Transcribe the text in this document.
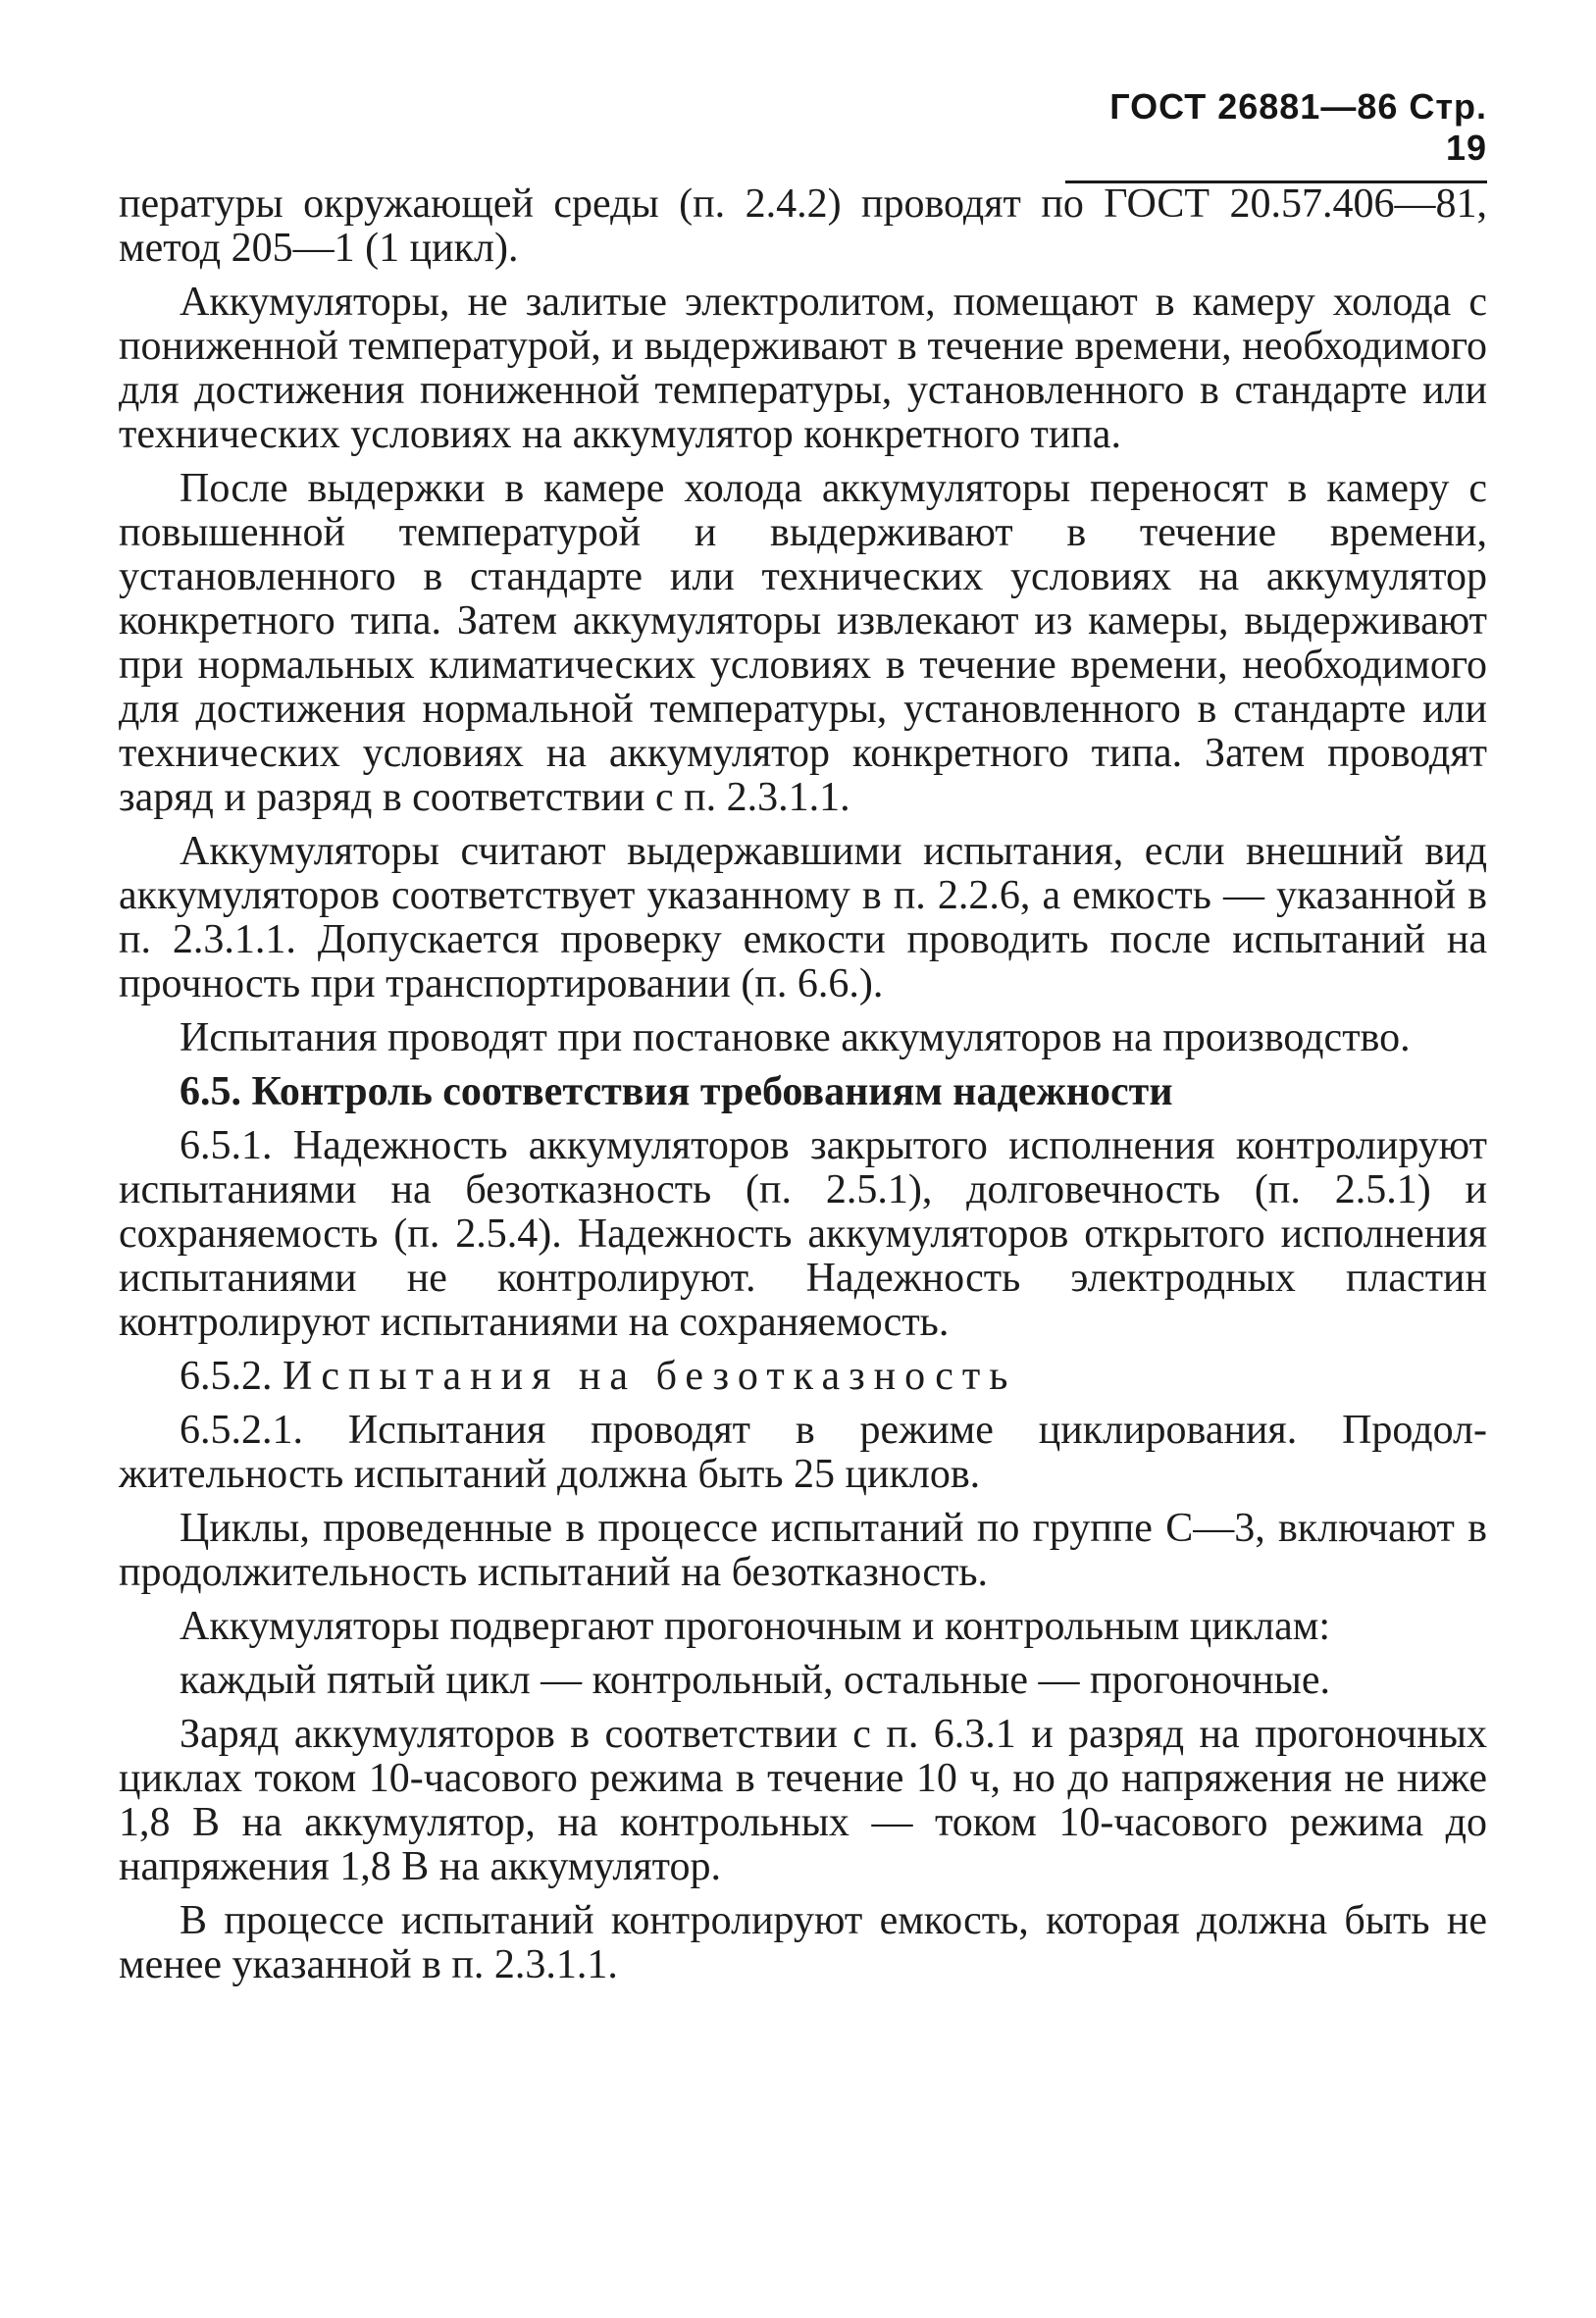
ГОСТ 26881—86 Стр. 19

пературы окружающей среды (п. 2.4.2) проводят по ГОСТ 20.57.406—81, метод 205—1 (1 цикл).

Аккумуляторы, не залитые электролитом, помещают в камеру холода с пониженной температурой, и выдерживают в течение времени, необходимого для достижения пониженной температуры, установленного в стандарте или технических условиях на аккумулятор конкретного типа.

После выдержки в камере холода аккумуляторы переносят в камеру с повышенной температурой и выдерживают в течение времени, установленного в стандарте или технических условиях на аккумулятор конкретного типа. Затем аккумуляторы извлекают из камеры, выдерживают при нормальных климатических условиях в течение времени, необходимого для достижения нормальной температуры, установленного в стандарте или технических условиях на аккумулятор конкретного типа. Затем проводят заряд и разряд в соответствии с п. 2.3.1.1.

Аккумуляторы считают выдержавшими испытания, если внешний вид аккумуляторов соответствует указанному в п. 2.2.6, а емкость — указанной в п. 2.3.1.1. Допускается проверку емкости проводить после испытаний на прочность при транспортировании (п. 6.6.).

Испытания проводят при постановке аккумуляторов на производство.

6.5. Контроль соответствия требованиям надежности

6.5.1. Надежность аккумуляторов закрытого исполнения контролируют испытаниями на безотказность (п. 2.5.1), долговечность (п. 2.5.1) и сохраняемость (п. 2.5.4). Надежность аккумуляторов открытого исполнения испытаниями не контролируют. Надежность электродных пластин контролируют испытаниями на сохраняемость.

6.5.2. Испытания на безотказность

6.5.2.1. Испытания проводят в режиме циклирования. Продолжительность испытаний должна быть 25 циклов.

Циклы, проведенные в процессе испытаний по группе С—3, включают в продолжительность испытаний на безотказность.

Аккумуляторы подвергают прогоночным и контрольным циклам:

каждый пятый цикл — контрольный, остальные — прогоночные.

Заряд аккумуляторов в соответствии с п. 6.3.1 и разряд на прогоночных циклах током 10-часового режима в течение 10 ч, но до напряжения не ниже 1,8 В на аккумулятор, на контрольных — током 10-часового режима до напряжения 1,8 В на аккумулятор.

В процессе испытаний контролируют емкость, которая должна быть не менее указанной в п. 2.3.1.1.
